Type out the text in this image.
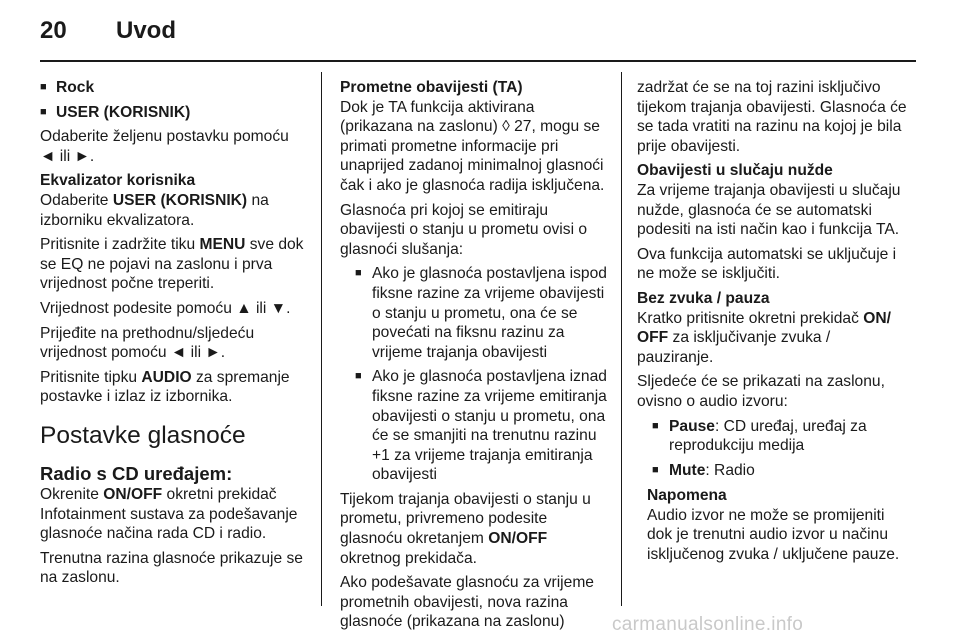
20 Uvod

■ Rock

■ USER (KORISNIK)

Odaberite željenu postavku pomoću ◄ ili ►.

Ekvalizator korisnika

Odaberite USER (KORISNIK) na izborniku ekvalizatora.

Pritisnite i zadržite tiku MENU sve dok se EQ ne pojavi na zaslonu i prva vrijednost počne treperiti.

Vrijednost podesite pomoću ▲ ili ▼.

Prijeđite na prethodnu/sljedeću vrijednost pomoću ◄ ili ►.

Pritisnite tipku AUDIO za spremanje postavke i izlaz iz izbornika.

Postavke glasnoće
Radio s CD uređajem:

Okrenite ON/OFF okretni prekidač Infotainment sustava za podešavanje glasnoće načina rada CD i radio.

Trenutna razina glasnoće prikazuje se na zaslonu.

Prometne obavijesti (TA)

Dok je TA funkcija aktivirana (prikazana na zaslonu) ◊ 27, mogu se primati prometne informacije pri unaprijed zadanoj minimalnoj glasnoći čak i ako je glasnoća radija isključena.

Glasnoća pri kojoj se emitiraju obavijesti o stanju u prometu ovisi o glasnoći slušanja:

■ Ako je glasnoća postavljena ispod fiksne razine za vrijeme obavijesti o stanju u prometu, ona će se povećati na fiksnu razinu za vrijeme trajanja obavijesti
■ Ako je glasnoća postavljena iznad fiksne razine za vrijeme emitiranja obavijesti o stanju u prometu, ona će se smanjiti na trenutnu razinu +1 za vrijeme trajanja emitiranja obavijesti

Tijekom trajanja obavijesti o stanju u prometu, privremeno podesite glasnoću okretanjem ON/OFF okretnog prekidača.

Ako podešavate glasnoću za vrijeme prometnih obavijesti, nova razina glasnoće (prikazana na zaslonu)

zadržat će se na toj razini isključivo tijekom trajanja obavijesti. Glasnoća će se tada vratiti na razinu na kojoj je bila prije obavijesti.

Obavijesti u slučaju nužde

Za vrijeme trajanja obavijesti u slučaju nužde, glasnoća će se automatski podesiti na isti način kao i funkcija TA.

Ova funkcija automatski se uključuje i ne može se isključiti.

Bez zvuka / pauza

Kratko pritisnite okretni prekidač ON/ OFF za isključivanje zvuka / pauziranje.

Sljedeće će se prikazati na zaslonu, ovisno o audio izvoru:

■ Pause: CD uređaj, uređaj za reprodukciju medija
■ Mute: Radio

Napomena

Audio izvor ne može se promijeniti dok je trenutni audio izvor u načinu isključenog zvuka / uključene pauze.

carmanualsonline.info
